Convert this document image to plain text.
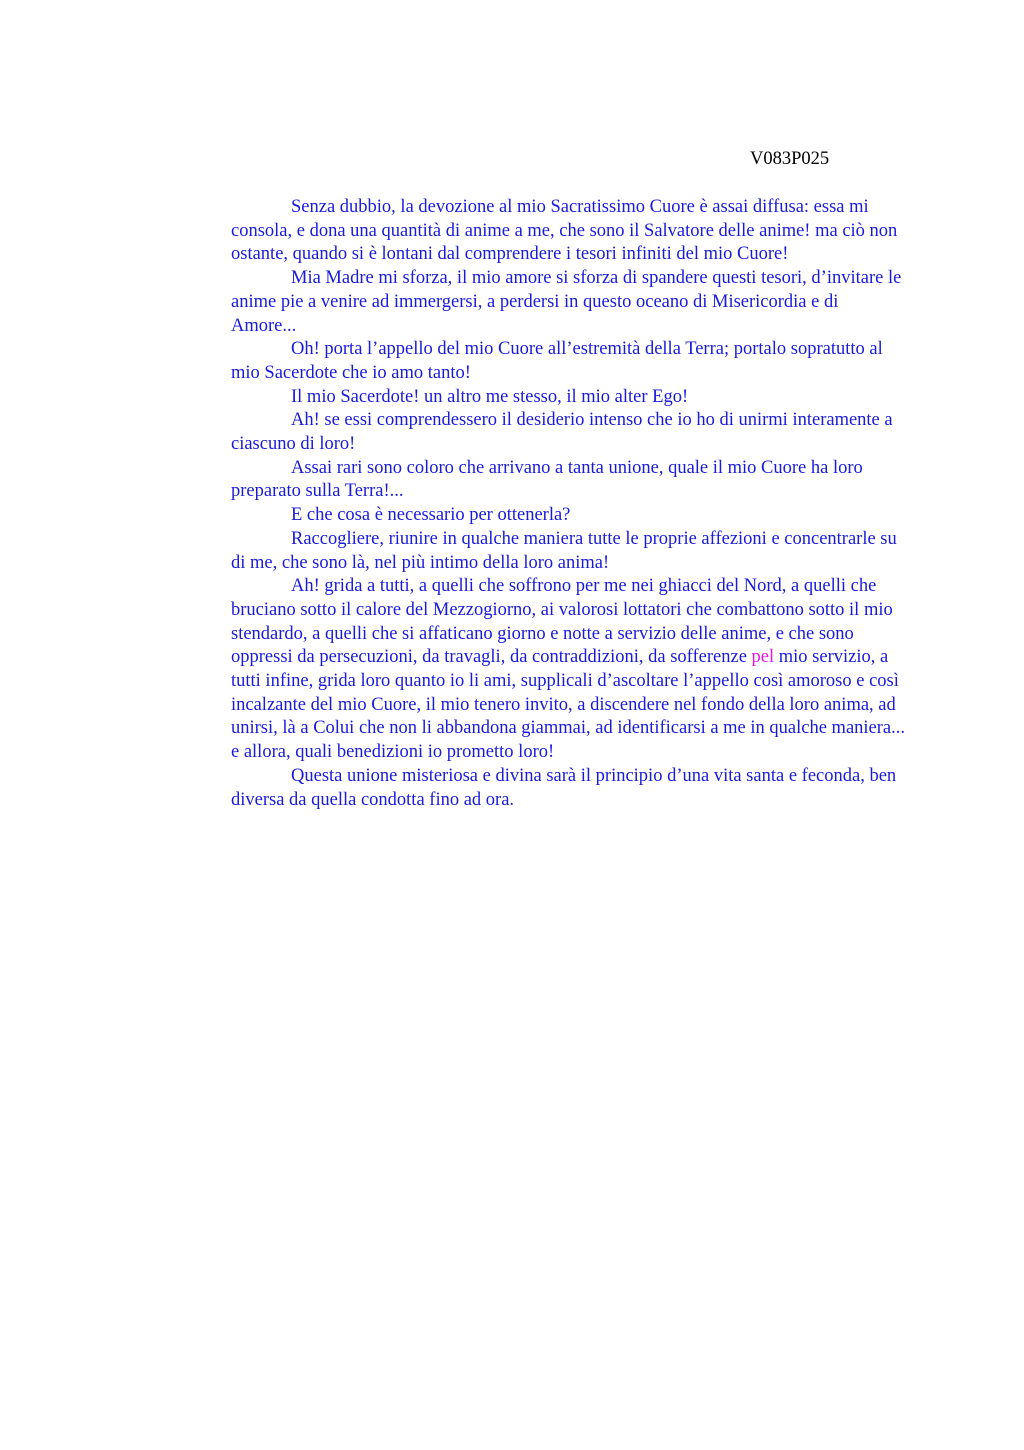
V083P025

Senza dubbio, la devozione al mio Sacratissimo Cuore è assai diffusa: essa mi
consola, e dona una quantità di anime a me, che sono il Salvatore delle anime! ma ciò non
ostante, quando si è lontani dal comprendere i tesori infiniti del mio Cuore!

Mia Madre mi sforza, il mio amore si sforza di spandere questi tesori, d’invitare le
anime pie a venire ad immergersi, a perdersi in questo oceano di Misericordia e di
Amore...

Oh! porta l’appello del mio Cuore all’estremità della Terra; portalo sopratutto al
mio Sacerdote che io amo tanto!

Il mio Sacerdote! un altro me stesso, il mio alter Ego!

Ah! se essi comprendessero il desiderio intenso che io ho di unirmi interamente a
ciascuno di loro!

Assai rari sono coloro che arrivano a tanta unione, quale il mio Cuore ha loro
preparato sulla Terra!...

E che cosa è necessario per ottenerla?

Raccogliere, riunire in qualche maniera tutte le proprie affezioni e concentrarle su
di me, che sono là, nel più intimo della loro anima!

Ah! grida a tutti, a quelli che soffrono per me nei ghiacci del Nord, a quelli che
bruciano sotto il calore del Mezzogiorno, ai valorosi lottatori che combattono sotto il mio
stendardo, a quelli che si affaticano giorno e notte a servizio delle anime, e che sono
oppressi da persecuzioni, da travagli, da contraddizioni, da sofferenze pel mio servizio, a
tutti infine, grida loro quanto io li ami, supplicali d’ascoltare l’appello così amoroso e così
incalzante del mio Cuore, il mio tenero invito, a discendere nel fondo della loro anima, ad
unirsi, là a Colui che non li abbandona giammai, ad identificarsi a me in qualche maniera...
e allora, quali benedizioni io prometto loro!

Questa unione misteriosa e divina sarà il principio d’una vita santa e feconda, ben
diversa da quella condotta fino ad ora.
